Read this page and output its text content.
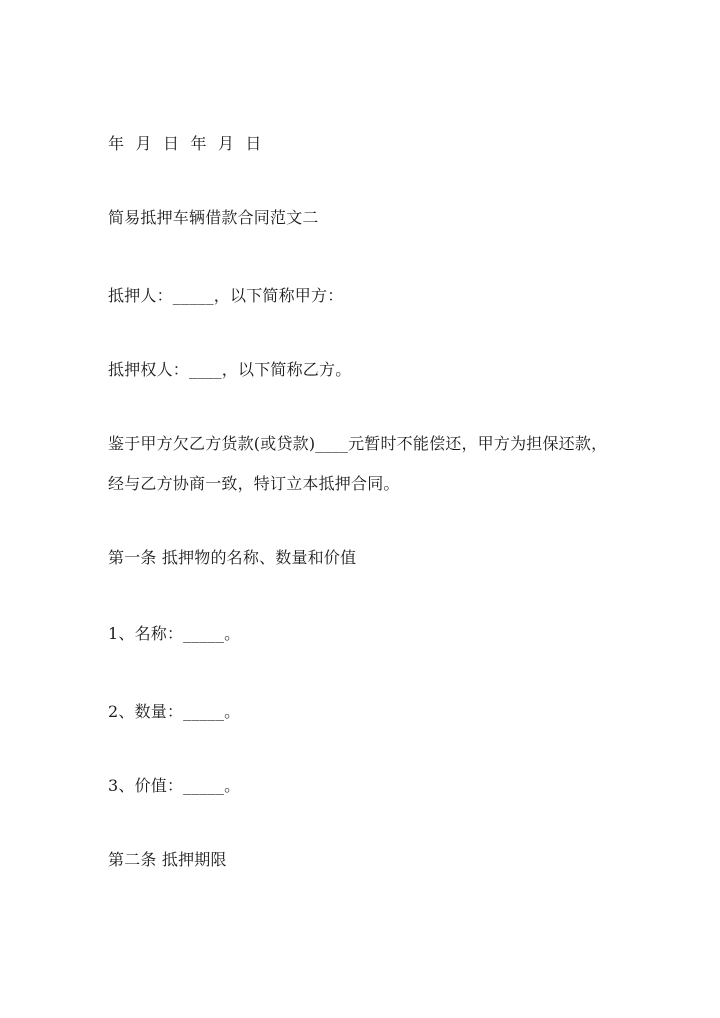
年 月 日 年 月 日
简易抵押车辆借款合同范文二
抵押人：_____，以下简称甲方：
抵押权人：____，以下简称乙方。
鉴于甲方欠乙方货款(或贷款)____元暂时不能偿还，甲方为担保还款，
经与乙方协商一致，特订立本抵押合同。
第一条 抵押物的名称、数量和价值
1、名称：_____。
2、数量：_____。
3、价值：_____。
第二条 抵押期限
